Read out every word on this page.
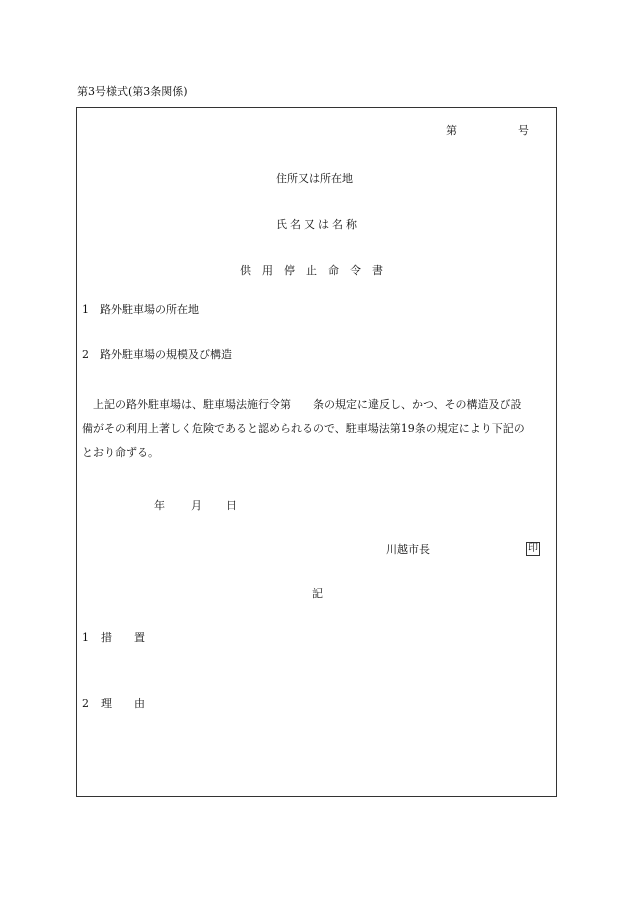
第3号様式(第3条関係)
第	号
住所又は所在地
氏名又は名称
供用停止命令書
1　 路外駐車場の所在地
2　 路外駐車場の規模及び構造
　上記の路外駐車場は、駐車場法施行令第　　条の規定に違反し、かつ、その構造及び設
備がその利用上著しく危険であると認められるので、駐車場法第19条の規定により下記の
とおり命ずる。
年 月 日
川越市長	印
記
1 措　　置
2 理　　由
